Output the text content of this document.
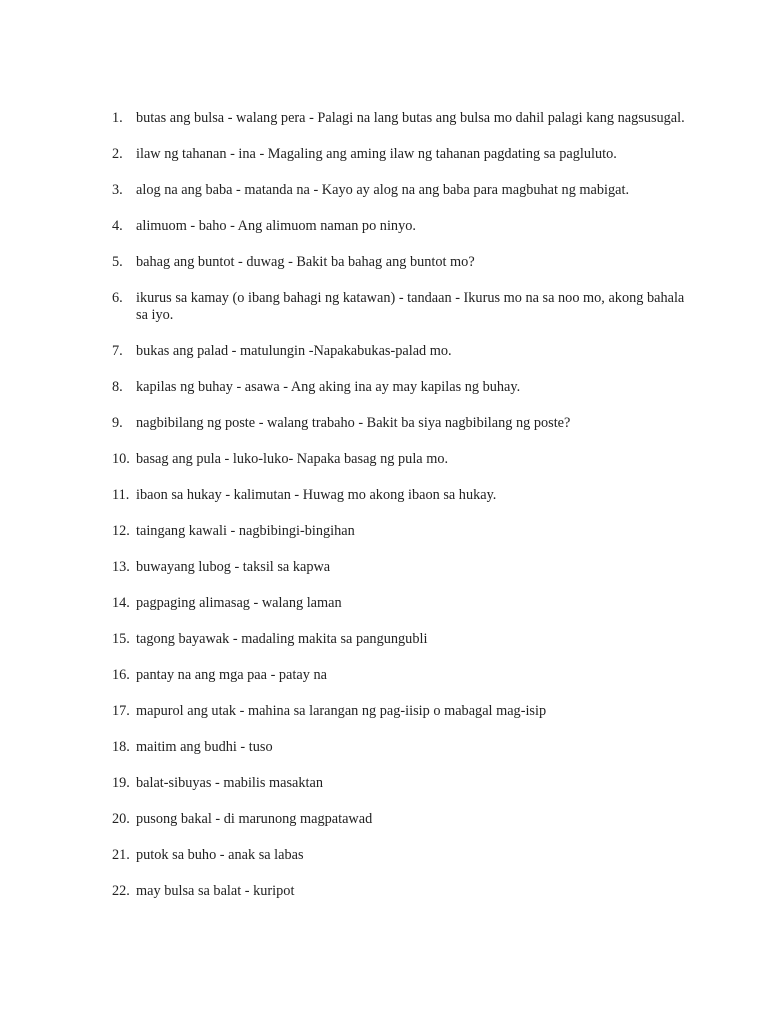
1. butas ang bulsa - walang pera - Palagi na lang butas ang bulsa mo dahil palagi kang nagsusugal.
2. ilaw ng tahanan - ina - Magaling ang aming ilaw ng tahanan pagdating sa pagluluto.
3. alog na ang baba - matanda na - Kayo ay alog na ang baba para magbuhat ng mabigat.
4. alimuom - baho - Ang alimuom naman po ninyo.
5. bahag ang buntot - duwag - Bakit ba bahag ang buntot mo?
6. ikurus sa kamay (o ibang bahagi ng katawan) - tandaan - Ikurus mo na sa noo mo, akong bahala sa iyo.
7. bukas ang palad - matulungin -Napakabukas-palad mo.
8. kapilas ng buhay - asawa - Ang aking ina ay may kapilas ng buhay.
9. nagbibilang ng poste - walang trabaho - Bakit ba siya nagbibilang ng poste?
10. basag ang pula - luko-luko- Napaka basag ng pula mo.
11. ibaon sa hukay - kalimutan - Huwag mo akong ibaon sa hukay.
12. taingang kawali - nagbibingi-bingihan
13. buwayang lubog - taksil sa kapwa
14. pagpaging alimasag - walang laman
15. tagong bayawak - madaling makita sa pangungubli
16. pantay na ang mga paa - patay na
17. mapurol ang utak - mahina sa larangan ng pag-iisip o mabagal mag-isip
18. maitim ang budhi - tuso
19. balat-sibuyas - mabilis masaktan
20. pusong bakal - di marunong magpatawad
21. putok sa buho - anak sa labas
22. may bulsa sa balat - kuripot
